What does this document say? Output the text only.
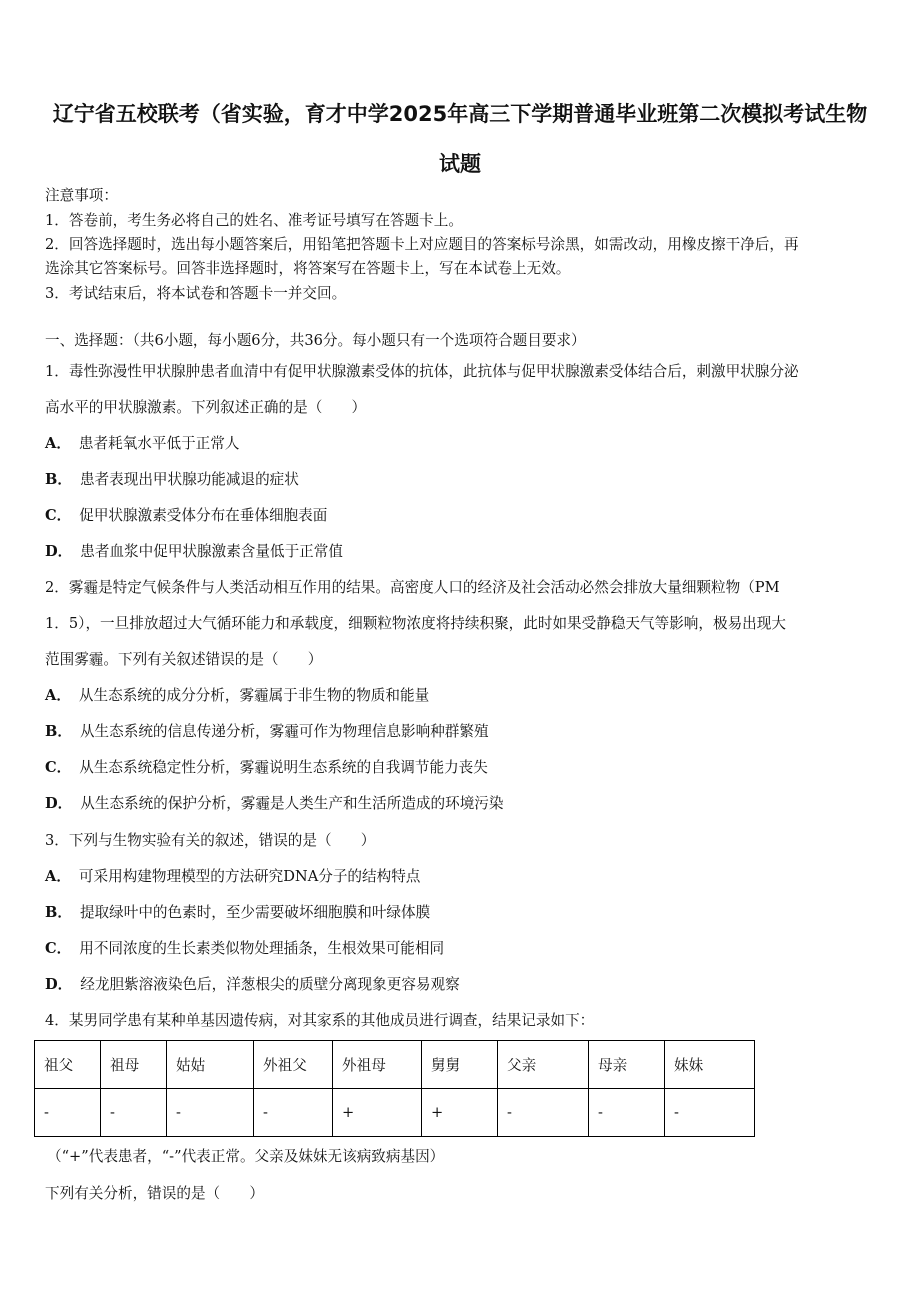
辽宁省五校联考（省实验，育才中学2025年高三下学期普通毕业班第二次模拟考试生物
试题
注意事项：
1．答卷前，考生务必将自己的姓名、准考证号填写在答题卡上。
2．回答选择题时，选出每小题答案后，用铅笔把答题卡上对应题目的答案标号涂黑，如需改动，用橡皮擦干净后，再
选涂其它答案标号。回答非选择题时，将答案写在答题卡上，写在本试卷上无效。
3．考试结束后，将本试卷和答题卡一并交回。
一、选择题：（共6小题，每小题6分，共36分。每小题只有一个选项符合题目要求）
1．毒性弥漫性甲状腺肿患者血清中有促甲状腺激素受体的抗体，此抗体与促甲状腺激素受体结合后，刺激甲状腺分泌
高水平的甲状腺激素。下列叙述正确的是（　　）
A． 患者耗氧水平低于正常人
B． 患者表现出甲状腺功能减退的症状
C． 促甲状腺激素受体分布在垂体细胞表面
D． 患者血浆中促甲状腺激素含量低于正常值
2．雾霾是特定气候条件与人类活动相互作用的结果。高密度人口的经济及社会活动必然会排放大量细颗粒物（PM
1．5），一旦排放超过大气循环能力和承载度，细颗粒物浓度将持续积聚，此时如果受静稳天气等影响，极易出现大
范围雾霾。下列有关叙述错误的是（　　）
A． 从生态系统的成分分析，雾霾属于非生物的物质和能量
B． 从生态系统的信息传递分析，雾霾可作为物理信息影响种群繁殖
C． 从生态系统稳定性分析，雾霾说明生态系统的自我调节能力丧失
D． 从生态系统的保护分析，雾霾是人类生产和生活所造成的环境污染
3．下列与生物实验有关的叙述，错误的是（　　）
A． 可采用构建物理模型的方法研究DNA分子的结构特点
B． 提取绿叶中的色素时，至少需要破坏细胞膜和叶绿体膜
C． 用不同浓度的生长素类似物处理插条，生根效果可能相同
D． 经龙胆紫溶液染色后，洋葱根尖的质壁分离现象更容易观察
4．某男同学患有某种单基因遗传病，对其家系的其他成员进行调查，结果记录如下：
祖父	祖母	姑姑	外祖父	外祖母	舅舅	父亲	母亲	妹妹
-	-	-	-	+	+	-	-	-
（“+”代表患者，“-”代表正常。父亲及妹妹无该病致病基因）
下列有关分析，错误的是（　　）
